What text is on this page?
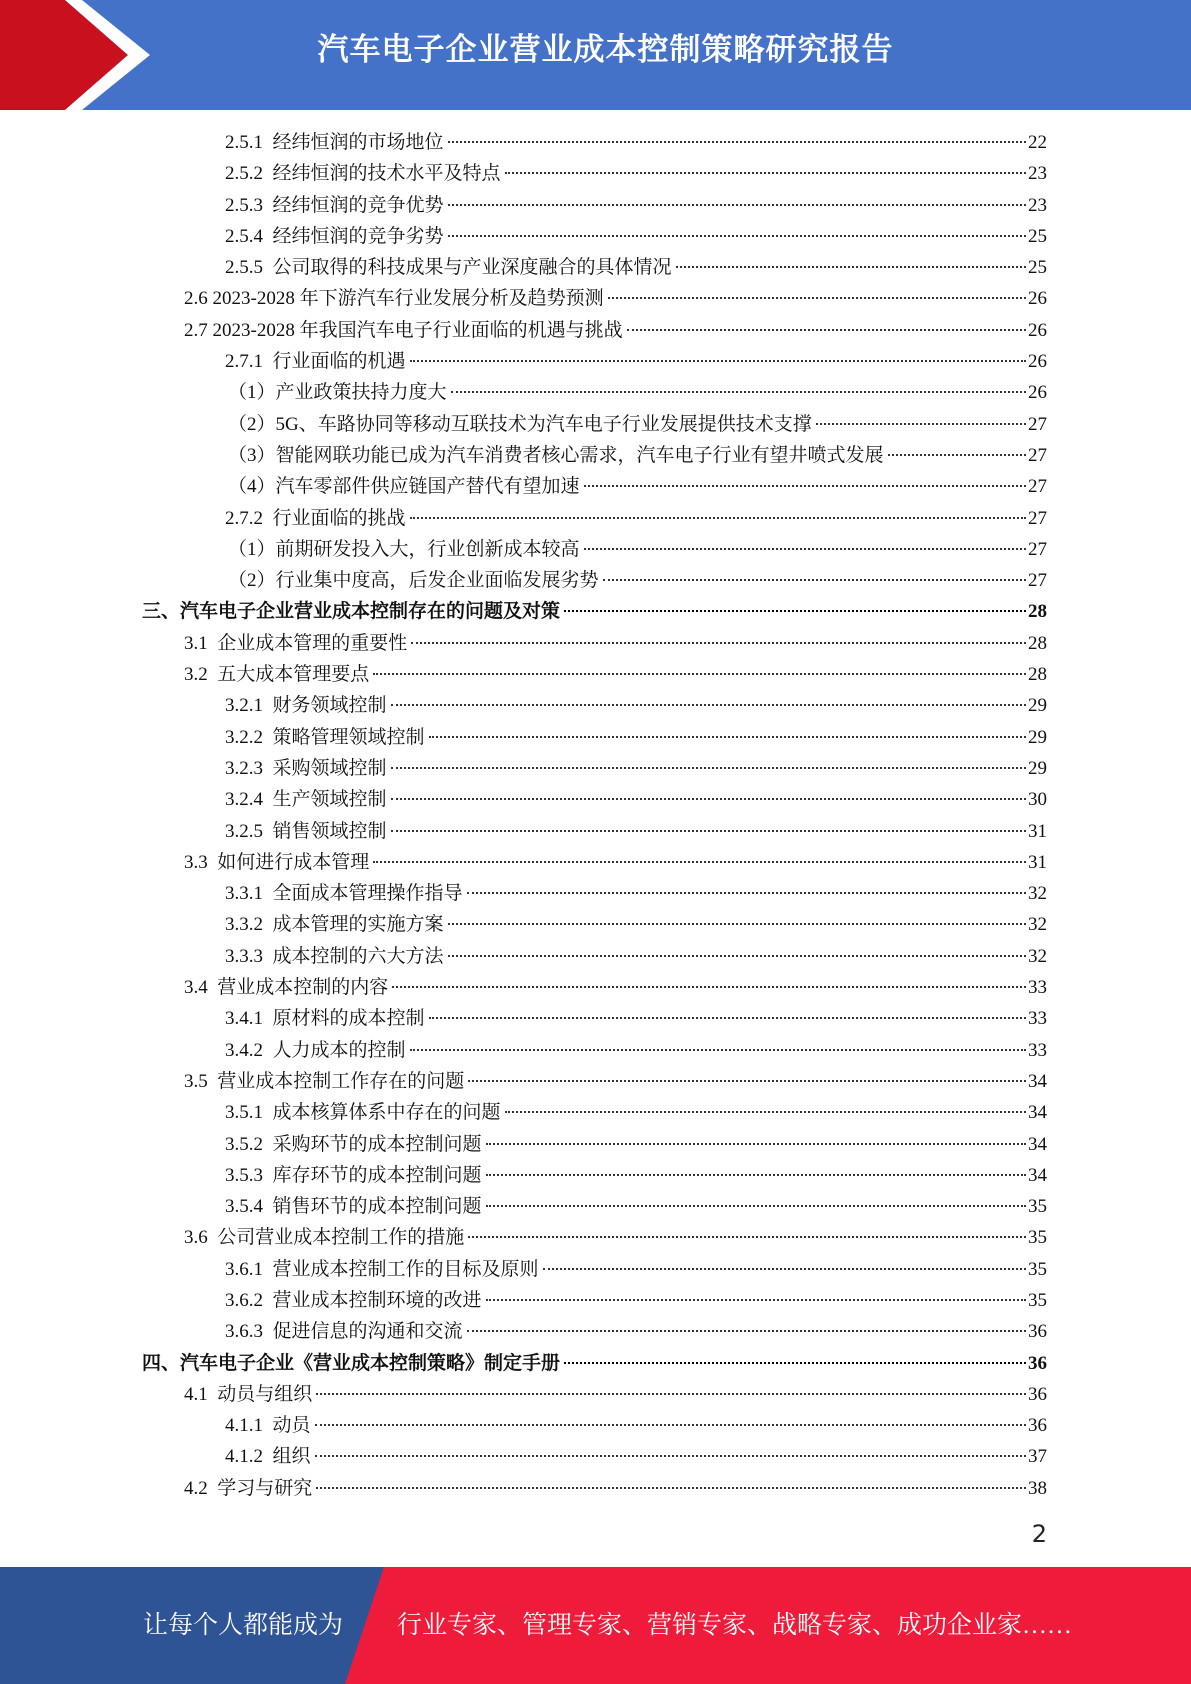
汽车电子企业营业成本控制策略研究报告
2.5.1 经纬恒润的市场地位	22
2.5.2 经纬恒润的技术水平及特点	23
2.5.3 经纬恒润的竞争优势	23
2.5.4 经纬恒润的竞争劣势	25
2.5.5 公司取得的科技成果与产业深度融合的具体情况	25
2.6 2023-2028 年下游汽车行业发展分析及趋势预测	26
2.7 2023-2028 年我国汽车电子行业面临的机遇与挑战	26
2.7.1 行业面临的机遇	26
（1） 产业政策扶持力度大	26
（2） 5G、车路协同等移动互联技术为汽车电子行业发展提供技术支撑	27
（3） 智能网联功能已成为汽车消费者核心需求，汽车电子行业有望井喷式发展	27
（4） 汽车零部件供应链国产替代有望加速	27
2.7.2 行业面临的挑战	27
（1） 前期研发投入大，行业创新成本较高	27
（2） 行业集中度高，后发企业面临发展劣势	27
三、 汽车电子企业营业成本控制存在的问题及对策	28
3.1 企业成本管理的重要性	28
3.2 五大成本管理要点	28
3.2.1 财务领域控制	29
3.2.2 策略管理领域控制	29
3.2.3 采购领域控制	29
3.2.4 生产领域控制	30
3.2.5 销售领域控制	31
3.3 如何进行成本管理	31
3.3.1 全面成本管理操作指导	32
3.3.2 成本管理的实施方案	32
3.3.3 成本控制的六大方法	32
3.4 营业成本控制的内容	33
3.4.1 原材料的成本控制	33
3.4.2 人力成本的控制	33
3.5 营业成本控制工作存在的问题	34
3.5.1 成本核算体系中存在的问题	34
3.5.2 采购环节的成本控制问题	34
3.5.3 库存环节的成本控制问题	34
3.5.4 销售环节的成本控制问题	35
3.6 公司营业成本控制工作的措施	35
3.6.1 营业成本控制工作的目标及原则	35
3.6.2 营业成本控制环境的改进	35
3.6.3 促进信息的沟通和交流	36
四、 汽车电子企业《营业成本控制策略》制定手册	36
4.1 动员与组织	36
4.1.1 动员	36
4.1.2 组织	37
4.2 学习与研究	38
2
让每个人都能成为 行业专家、管理专家、营销专家、战略专家、成功企业家……
